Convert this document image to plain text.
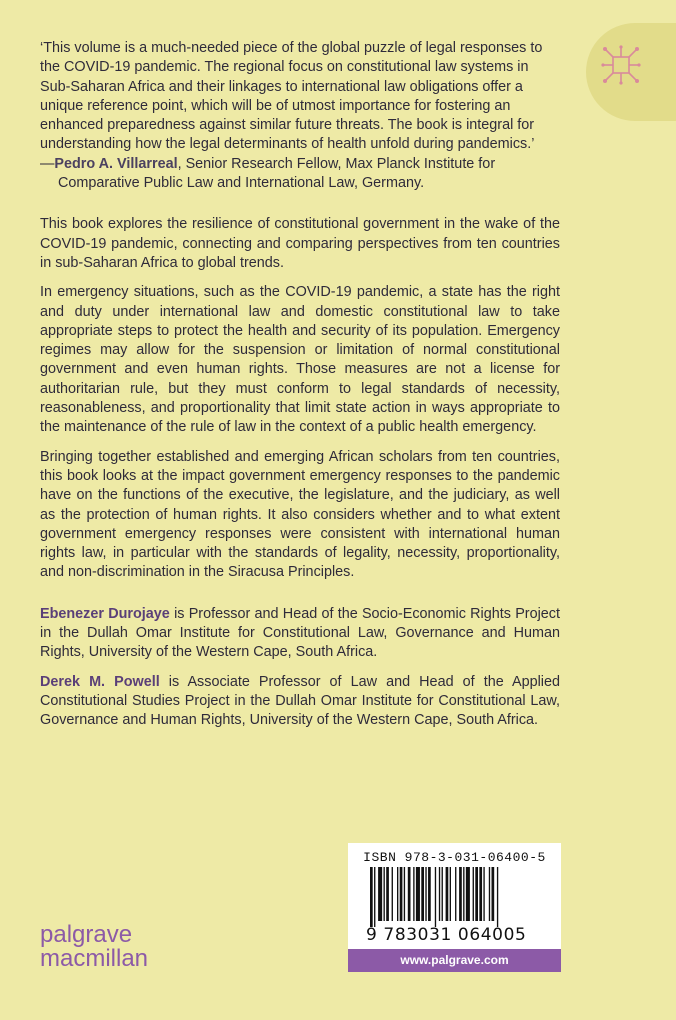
‘This volume is a much-needed piece of the global puzzle of legal responses to the COVID-19 pandemic. The regional focus on constitutional law systems in Sub-Saharan Africa and their linkages to international law obligations offer a unique reference point, which will be of utmost importance for fostering an enhanced preparedness against similar future threats. The book is integral for understanding how the legal determinants of health unfold during pandemics.’

—Pedro A. Villarreal, Senior Research Fellow, Max Planck Institute for Comparative Public Law and International Law, Germany.

This book explores the resilience of constitutional government in the wake of the COVID-19 pandemic, connecting and comparing perspectives from ten countries in sub-Saharan Africa to global trends.

In emergency situations, such as the COVID-19 pandemic, a state has the right and duty under international law and domestic constitutional law to take appropriate steps to protect the health and security of its population. Emergency regimes may allow for the suspension or limitation of normal constitutional government and even human rights. Those measures are not a license for authoritarian rule, but they must conform to legal standards of necessity, reasonableness, and proportionality that limit state action in ways appropriate to the maintenance of the rule of law in the context of a public health emergency.

Bringing together established and emerging African scholars from ten countries, this book looks at the impact government emergency responses to the pandemic have on the functions of the executive, the legislature, and the judiciary, as well as the protection of human rights. It also considers whether and to what extent government emergency responses were consistent with international human rights law, in particular with the standards of legality, necessity, proportionality, and non-discrimination in the Siracusa Principles.

Ebenezer Durojaye is Professor and Head of the Socio-Economic Rights Project in the Dullah Omar Institute for Constitutional Law, Governance and Human Rights, University of the Western Cape, South Africa.

Derek M. Powell is Associate Professor of Law and Head of the Applied Constitutional Studies Project in the Dullah Omar Institute for Constitutional Law, Governance and Human Rights, University of the Western Cape, South Africa.

ISBN 978-3-031-06400-5
9 783031 064005
www.palgrave.com
palgrave
macmillan
